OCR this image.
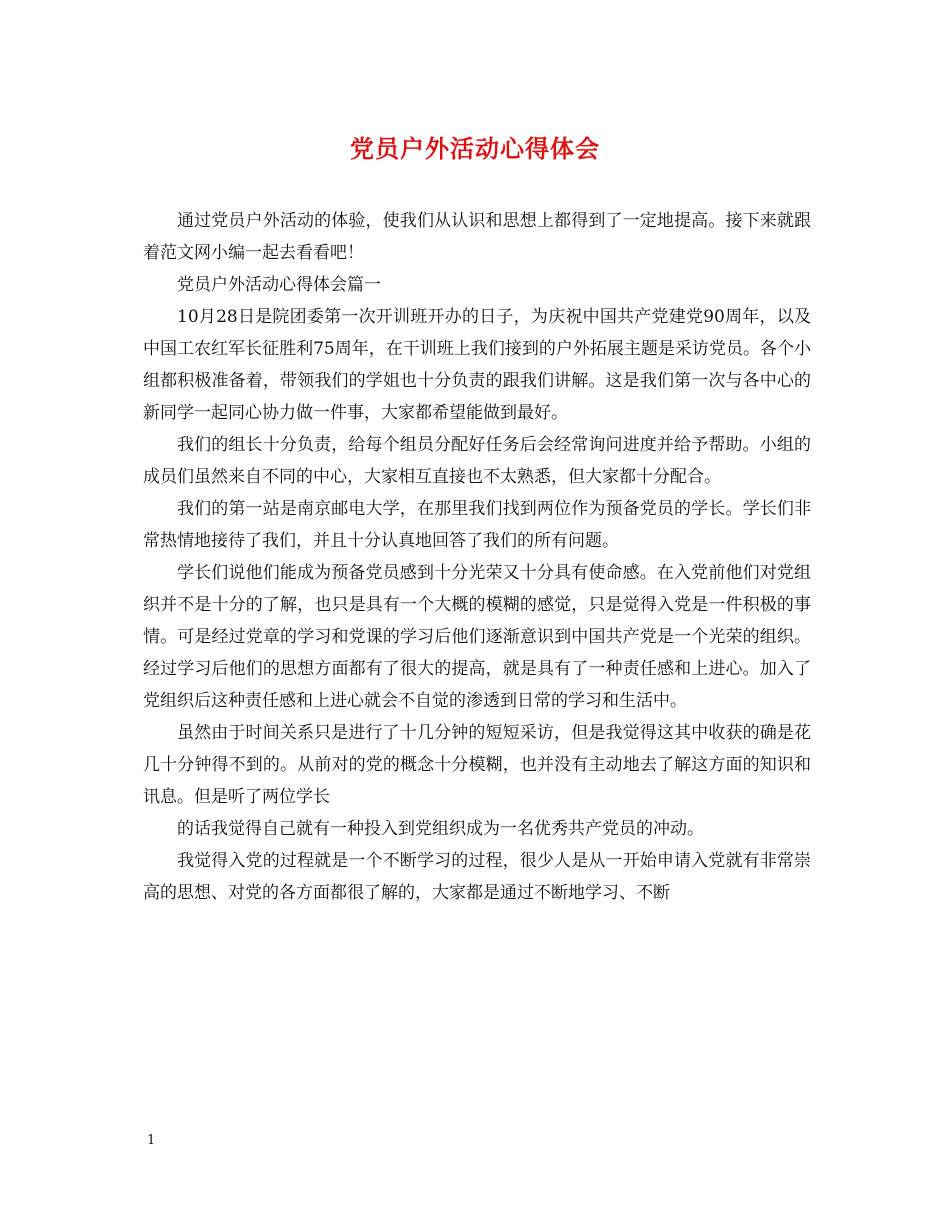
党员户外活动心得体会

通过党员户外活动的体验，使我们从认识和思想上都得到了一定地提高。接下来就跟着范文网小编一起去看看吧！

党员户外活动心得体会篇一

10月28日是院团委第一次开训班开办的日子，为庆祝中国共产党建党90周年，以及中国工农红军长征胜利75周年，在干训班上我们接到的户外拓展主题是采访党员。各个小组都积极准备着，带领我们的学姐也十分负责的跟我们讲解。这是我们第一次与各中心的新同学一起同心协力做一件事，大家都希望能做到最好。

我们的组长十分负责，给每个组员分配好任务后会经常询问进度并给予帮助。小组的成员们虽然来自不同的中心，大家相互直接也不太熟悉，但大家都十分配合。

我们的第一站是南京邮电大学，在那里我们找到两位作为预备党员的学长。学长们非常热情地接待了我们，并且十分认真地回答了我们的所有问题。

学长们说他们能成为预备党员感到十分光荣又十分具有使命感。在入党前他们对党组织并不是十分的了解，也只是具有一个大概的模糊的感觉，只是觉得入党是一件积极的事情。可是经过党章的学习和党课的学习后他们逐渐意识到中国共产党是一个光荣的组织。经过学习后他们的思想方面都有了很大的提高，就是具有了一种责任感和上进心。加入了党组织后这种责任感和上进心就会不自觉的渗透到日常的学习和生活中。

虽然由于时间关系只是进行了十几分钟的短短采访，但是我觉得这其中收获的确是花几十分钟得不到的。从前对的党的概念十分模糊，也并没有主动地去了解这方面的知识和讯息。但是听了两位学长

的话我觉得自己就有一种投入到党组织成为一名优秀共产党员的冲动。

我觉得入党的过程就是一个不断学习的过程，很少人是从一开始申请入党就有非常崇高的思想、对党的各方面都很了解的，大家都是通过不断地学习、不断

1
